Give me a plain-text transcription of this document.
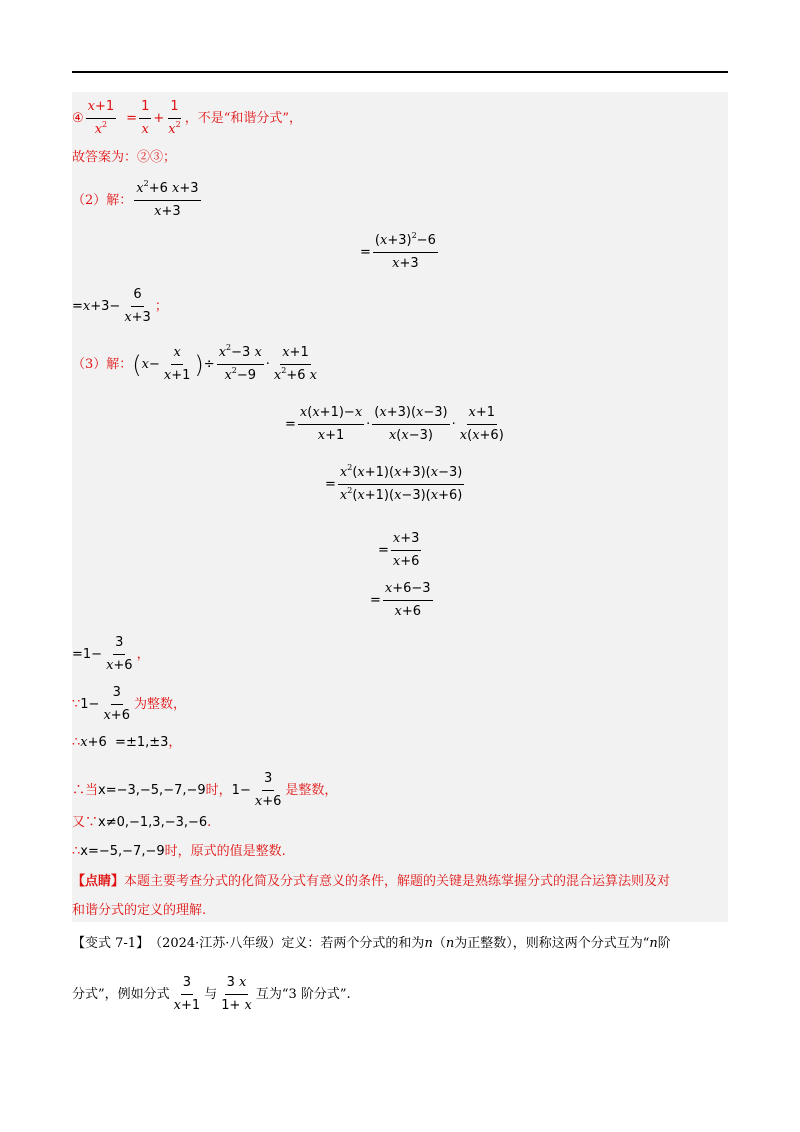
④ $\frac{x+1}{x^2} = \frac{1}{x} + \frac{1}{x^2}$ ，不是“和谐分式”，
故答案为：②③；
（2）解： $\frac{x^2+6 x+3}{x+3}$
= $\frac{(x+3)^2-6}{x+3}$
= $x +3- \frac{6}{x+3}$ ；
（3）解： ( $x - \frac{x}{x+1}$ ) ÷ $\frac{x^2-3 x}{x^2-9} \cdot \frac{x+1}{x^2+6 x}$
= $\frac{x(x+1)-x}{x+1} \cdot \frac{(x+3)(x-3)}{x(x-3)} \cdot \frac{x+1}{x(x+6)}$
= $\frac{x^2(x+1)(x+3)(x-3)}{x^2(x+1)(x-3)(x+6)}$
= $\frac{x+3}{x+6}$
= $\frac{x+6-3}{x+6}$
$=1- \frac{3}{x+6}$ ，
∵ $1- \frac{3}{x+6}$ 为整数，
∴ x +6  =±1,±3 ，
∴当 x=−3,−5,−7,−9 时， $1- \frac{3}{x+6}$ 是整数，
又∵ x≠0,−1,3,−3,−6 .
∴ x=−5,−7,−9 时，原式的值是整数.
【点睛】 本题主要考查分式的化简及分式有意义的条件，解题的关键是熟练掌握分式的混合运算法则及对
和谐分式的定义的理解.
【变式 7-1】 （2024·江苏·八年级）定义：若两个分式的和为 n （ n 为正整数），则称这两个分式互为“ n 阶
分式”，例如分式 $\frac{3}{x+1}$ 与 $\frac{3 x}{1+ x}$ 互为“3 阶分式”.
